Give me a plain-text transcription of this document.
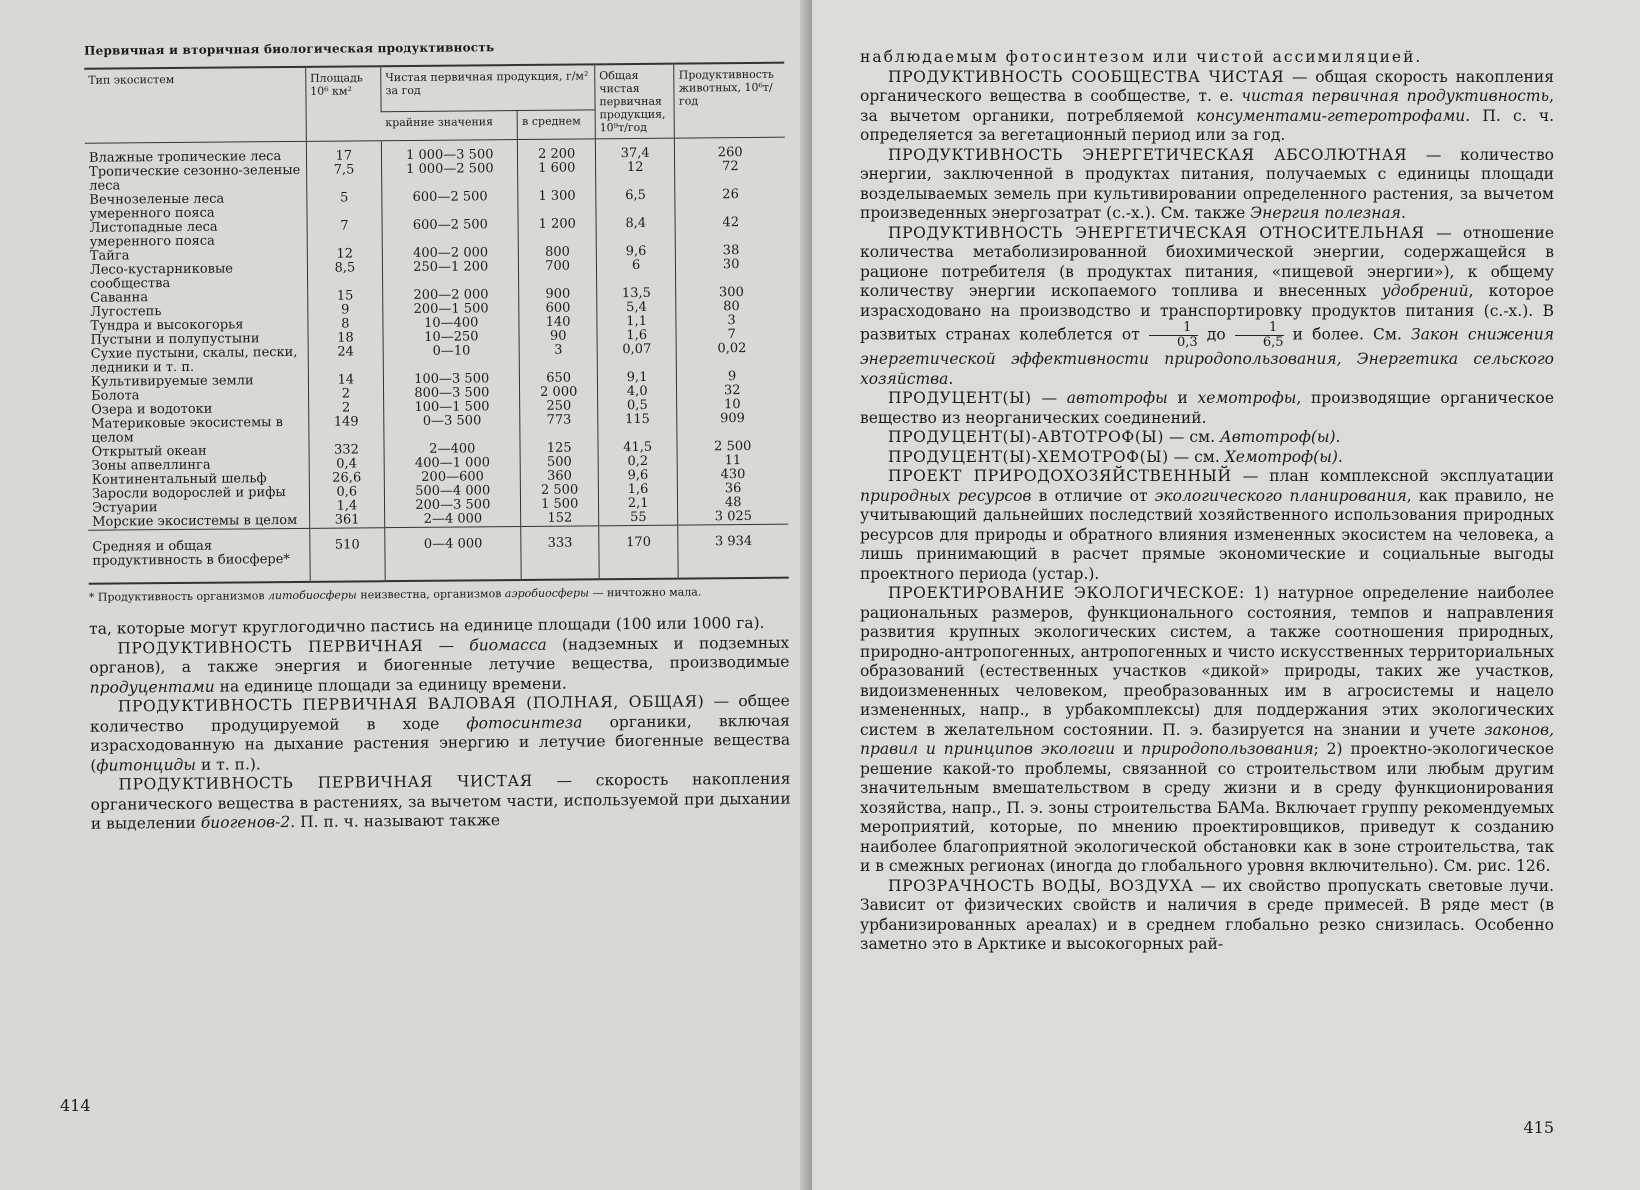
Первичная и вторичная биологическая продуктивность
Тип экосистем	Площадь 10⁶ км²	Чистая первичная продукция, г/м² за год		Общая чистая первичная продукция, 10⁹т/год	Продуктивность животных, 10⁶т/год
		крайние значения	в среднем		
Влажные тропические леса	17	1 000—3 500	2 200	37,4	260
Тропические сезонно-зеленые леса	7,5	1 000—2 500	1 600	12	72
Вечнозеленые леса умеренного пояса	5	600—2 500	1 300	6,5	26
Листопадные леса умеренного пояса	7	600—2 500	1 200	8,4	42
Тайга	12	400—2 000	800	9,6	38
Лесо-кустарниковые сообщества	8,5	250—1 200	700	6	30
Саванна	15	200—2 000	900	13,5	300
Лугостепь	9	200—1 500	600	5,4	80
Тундра и высокогорья	8	10—400	140	1,1	3
Пустыни и полупустыни	18	10—250	90	1,6	7
Сухие пустыни, скалы, пески, ледники и т. п.	24	0—10	3	0,07	0,02
Культивируемые земли	14	100—3 500	650	9,1	9
Болота	2	800—3 500	2 000	4,0	32
Озера и водотоки	2	100—1 500	250	0,5	10
Материковые экосистемы в целом	149	0—3 500	773	115	909
Открытый океан	332	2—400	125	41,5	2 500
Зоны апвеллинга	0,4	400—1 000	500	0,2	11
Континентальный шельф	26,6	200—600	360	9,6	430
Заросли водорослей и рифы	0,6	500—4 000	2 500	1,6	36
Эстуарии	1,4	200—3 500	1 500	2,1	48
Морские экосистемы в целом	361	2—4 000	152	55	3 025
Средняя и общая продуктивность в биосфере*	510	0—4 000	333	170	3 934
* Продуктивность организмов литобиосферы неизвестна, организмов аэробиосферы — ничтожно мала.

та, которые могут круглогодично пастись на единице площади (100 или 1000 га).

ПРОДУКТИВНОСТЬ ПЕРВИЧНАЯ — биомасса (надземных и подземных органов), а также энергия и биогенные летучие вещества, производимые продуцентами на единице площади за единицу времени.

ПРОДУКТИВНОСТЬ ПЕРВИЧНАЯ ВАЛОВАЯ (ПОЛНАЯ, ОБЩАЯ) — общее количество продуцируемой в ходе фотосинтеза органики, включая израсходованную на дыхание растения энергию и летучие биогенные вещества (фитонциды и т. п.).

ПРОДУКТИВНОСТЬ ПЕРВИЧНАЯ ЧИСТАЯ — скорость накопления органического вещества в растениях, за вычетом части, используемой при дыхании и выделении биогенов-2. П. п. ч. называют также

414

наблюдаемым фотосинтезом или чистой ассимиляцией.

ПРОДУКТИВНОСТЬ СООБЩЕСТВА ЧИСТАЯ — общая скорость накопления органического вещества в сообществе, т. е. чистая первичная продуктивность, за вычетом органики, потребляемой консументами-гетеротрофами. П. с. ч. определяется за вегетационный период или за год.

ПРОДУКТИВНОСТЬ ЭНЕРГЕТИЧЕСКАЯ АБСОЛЮТНАЯ — количество энергии, заключенной в продуктах питания, получаемых с единицы площади возделываемых земель при культивировании определенного растения, за вычетом произведенных энергозатрат (с.-х.). См. также Энергия полезная.

ПРОДУКТИВНОСТЬ ЭНЕРГЕТИЧЕСКАЯ ОТНОСИТЕЛЬНАЯ — отношение количества метаболизированной биохимической энергии, содержащейся в рационе потребителя (в продуктах питания, «пищевой энергии»), к общему количеству энергии ископаемого топлива и внесенных удобрений, которое израсходовано на производство и транспортировку продуктов питания (с.-х.). В развитых странах колеблется от $\frac{1}{0,3}$ до $\frac{1}{6,5}$ и более. См. Закон снижения энергетической эффективности природопользования, Энергетика сельского хозяйства.

ПРОДУЦЕНТ(Ы) — автотрофы и хемотрофы, производящие органическое вещество из неорганических соединений.

ПРОДУЦЕНТ(Ы)-АВТОТРОФ(Ы) — см. Автотроф(ы).

ПРОДУЦЕНТ(Ы)-ХЕМОТРОФ(Ы) — см. Хемотроф(ы).

ПРОЕКТ ПРИРОДОХОЗЯЙСТВЕННЫЙ — план комплексной эксплуатации природных ресурсов в отличие от экологического планирования, как правило, не учитывающий дальнейших последствий хозяйственного использования природных ресурсов для природы и обратного влияния измененных экосистем на человека, а лишь принимающий в расчет прямые экономические и социальные выгоды проектного периода (устар.).

ПРОЕКТИРОВАНИЕ ЭКОЛОГИЧЕСКОЕ: 1) натурное определение наиболее рациональных размеров, функционального состояния, темпов и направления развития крупных экологических систем, а также соотношения природных, природно-антропогенных, антропогенных и чисто искусственных территориальных образований (естественных участков «дикой» природы, таких же участков, видоизмененных человеком, преобразованных им в агросистемы и нацело измененных, напр., в урбакомплексы) для поддержания этих экологических систем в желательном состоянии. П. э. базируется на знании и учете законов, правил и принципов экологии и природопользования; 2) проектно-экологическое решение какой-то проблемы, связанной со строительством или любым другим значительным вмешательством в среду жизни и в среду функционирования хозяйства, напр., П. э. зоны строительства БАМа. Включает группу рекомендуемых мероприятий, которые, по мнению проектировщиков, приведут к созданию наиболее благоприятной экологической обстановки как в зоне строительства, так и в смежных регионах (иногда до глобального уровня включительно). См. рис. 126.

ПРОЗРАЧНОСТЬ ВОДЫ, ВОЗДУХА — их свойство пропускать световые лучи. Зависит от физических свойств и наличия в среде примесей. В ряде мест (в урбанизированных ареалах) и в среднем глобально резко снизилась. Особенно заметно это в Арктике и высокогорных рай-

415
